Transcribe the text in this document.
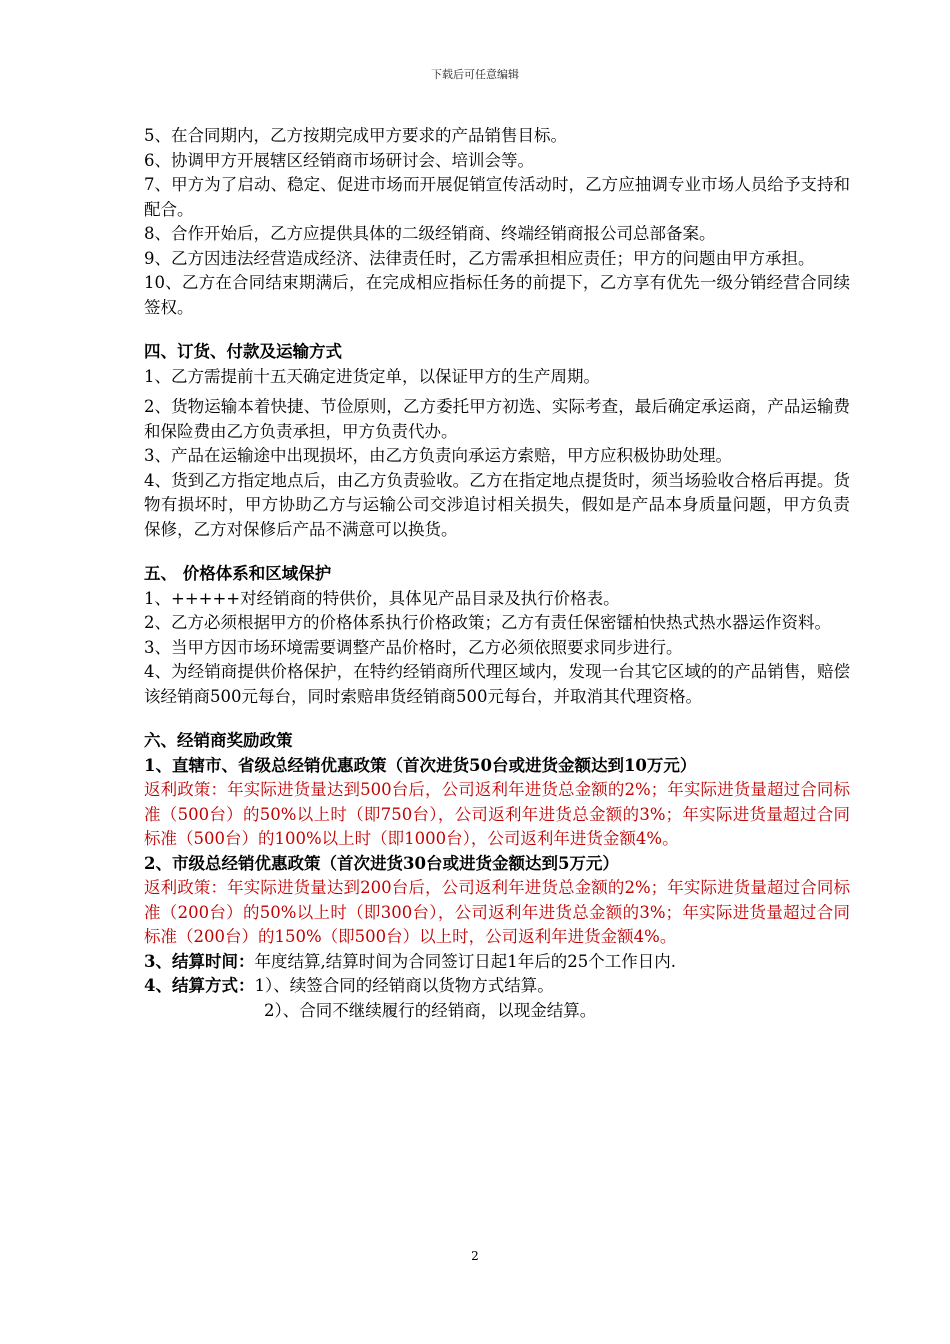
下载后可任意编辑

5、在合同期内，乙方按期完成甲方要求的产品销售目标。

6、协调甲方开展辖区经销商市场研讨会、培训会等。

7、甲方为了启动、稳定、促进市场而开展促销宣传活动时，乙方应抽调专业市场人员给予支持和配合。

8、合作开始后，乙方应提供具体的二级经销商、终端经销商报公司总部备案。

9、乙方因违法经营造成经济、法律责任时，乙方需承担相应责任；甲方的问题由甲方承担。

10、乙方在合同结束期满后，在完成相应指标任务的前提下，乙方享有优先一级分销经营合同续签权。

四、订货、付款及运输方式

1、乙方需提前十五天确定进货定单，以保证甲方的生产周期。

2、货物运输本着快捷、节俭原则，乙方委托甲方初选、实际考查，最后确定承运商，产品运输费和保险费由乙方负责承担，甲方负责代办。

3、产品在运输途中出现损坏，由乙方负责向承运方索赔，甲方应积极协助处理。

4、货到乙方指定地点后，由乙方负责验收。乙方在指定地点提货时，须当场验收合格后再提。货物有损坏时，甲方协助乙方与运输公司交涉追讨相关损失，假如是产品本身质量问题，甲方负责保修，乙方对保修后产品不满意可以换货。

五、 价格体系和区域保护

1、+++++对经销商的特供价，具体见产品目录及执行价格表。

2、乙方必须根据甲方的价格体系执行价格政策；乙方有责任保密镭柏快热式热水器运作资料。

3、当甲方因市场环境需要调整产品价格时，乙方必须依照要求同步进行。

4、为经销商提供价格保护，在特约经销商所代理区域内，发现一台其它区域的的产品销售，赔偿该经销商500元每台，同时索赔串货经销商500元每台，并取消其代理资格。

六、经销商奖励政策

1、直辖市、省级总经销优惠政策（首次进货50台或进货金额达到10万元）

返利政策：年实际进货量达到500台后，公司返利年进货总金额的2%；年实际进货量超过合同标准（500台）的50%以上时（即750台），公司返利年进货总金额的3%；年实际进货量超过合同标准（500台）的100%以上时（即1000台），公司返利年进货金额4%。

2、市级总经销优惠政策（首次进货30台或进货金额达到5万元）

返利政策：年实际进货量达到200台后，公司返利年进货总金额的2%；年实际进货量超过合同标准（200台）的50%以上时（即300台），公司返利年进货总金额的3%；年实际进货量超过合同标准（200台）的150%（即500台）以上时，公司返利年进货金额4%。

3、结算时间：年度结算,结算时间为合同签订日起1年后的25个工作日内.

4、结算方式：1）、续签合同的经销商以货物方式结算。

2）、合同不继续履行的经销商，以现金结算。

2
